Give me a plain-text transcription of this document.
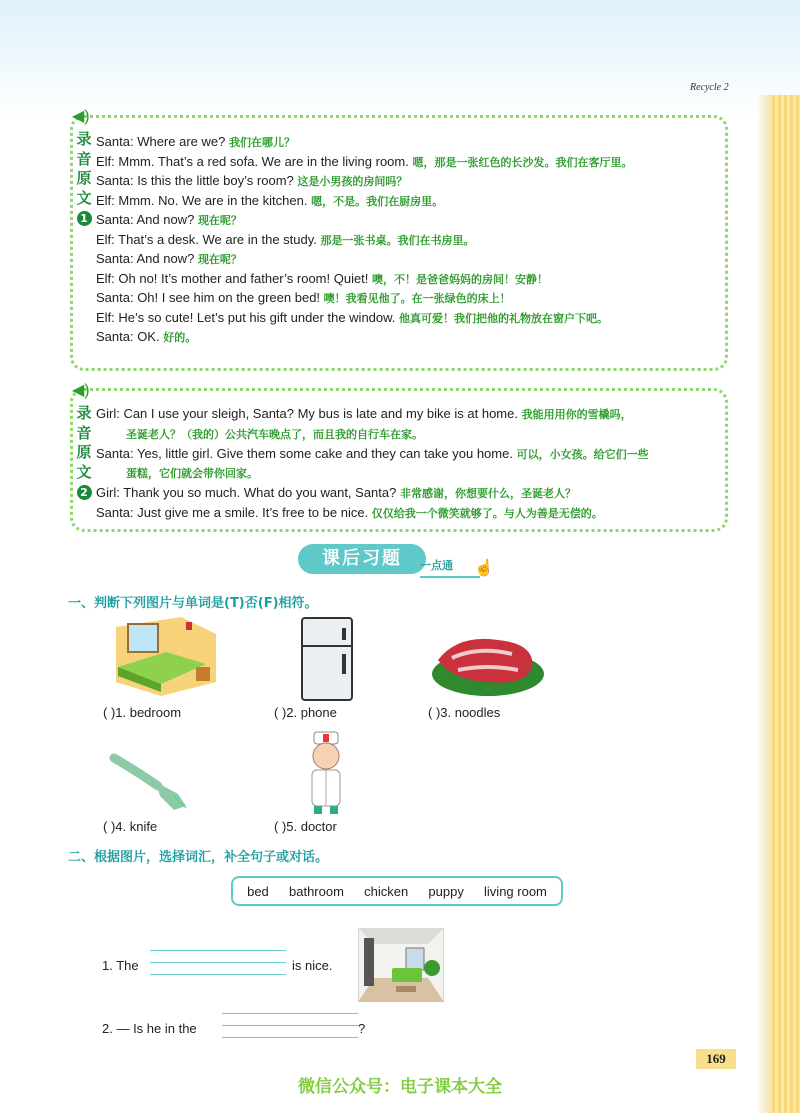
Recycle 2
◀)
录
音
原
文
1
Santa: Where are we? 我们在哪儿？
Elf: Mmm. That’s a red sofa. We are in the living room. 嗯，那是一张红色的长沙发。我们在客厅里。
Santa: Is this the little boy’s room? 这是小男孩的房间吗？
Elf: Mmm. No. We are in the kitchen. 嗯，不是。我们在厨房里。
Santa: And now? 现在呢？
Elf: That’s a desk. We are in the study. 那是一张书桌。我们在书房里。
Santa: And now? 现在呢？
Elf: Oh no! It’s mother and father’s room! Quiet! 噢，不！是爸爸妈妈的房间！安静！
Santa: Oh! I see him on the green bed! 噢！我看见他了。在一张绿色的床上！
Elf: He’s so cute! Let’s put his gift under the window. 他真可爱！我们把他的礼物放在窗户下吧。
Santa: OK. 好的。
◀)
录
音
原
文
2
Girl: Can I use your sleigh, Santa? My bus is late and my bike is at home. 我能用用你的雪橇吗，
圣诞老人？（我的）公共汽车晚点了，而且我的自行车在家。
Santa: Yes, little girl. Give them some cake and they can take you home. 可以，小女孩。给它们一些
蛋糕，它们就会带你回家。
Girl: Thank you so much. What do you want, Santa? 非常感谢，你想要什么，圣诞老人？
Santa: Just give me a smile. It’s free to be nice. 仅仅给我一个微笑就够了。与人为善是无偿的。
课后习题	一点通	☝
一、判断下列图片与单词是(T)否(F)相符。
( )1. bedroom	( )2. phone	( )3. noodles
( )4. knife	( )5. doctor
二、根据图片，选择词汇，补全句子或对话。
bed bathroom chicken puppy living room
1. The	is nice.
2. — Is he in the	?
169
微信公众号：电子课本大全
